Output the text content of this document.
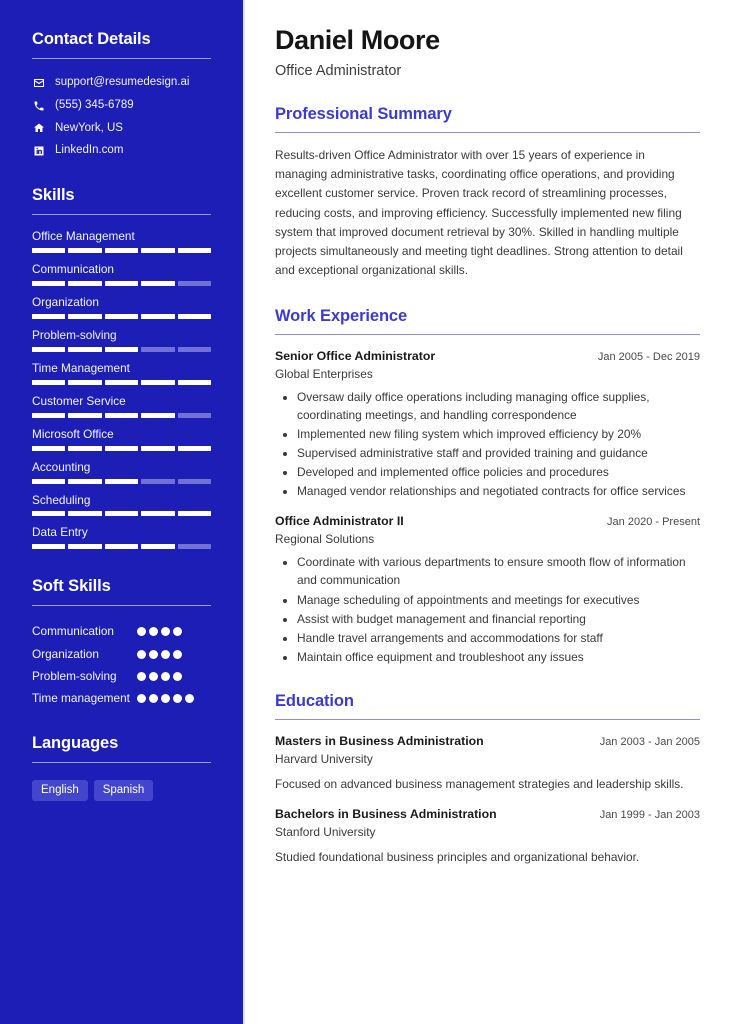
Contact Details
support@resumedesign.ai
(555) 345-6789
NewYork, US
LinkedIn.com
Skills
Office Management
Communication
Organization
Problem-solving
Time Management
Customer Service
Microsoft Office
Accounting
Scheduling
Data Entry
Soft Skills
Communication
Organization
Problem-solving
Time management
Languages
English	Spanish
Daniel Moore
Office Administrator
Professional Summary

Results-driven Office Administrator with over 15 years of experience in managing administrative tasks, coordinating office operations, and providing excellent customer service. Proven track record of streamlining processes, reducing costs, and improving efficiency. Successfully implemented new filing system that improved document retrieval by 30%. Skilled in handling multiple projects simultaneously and meeting tight deadlines. Strong attention to detail and exceptional organizational skills.

Work Experience
Senior Office Administrator	Jan 2005 - Dec 2019
Global Enterprises
• Oversaw daily office operations including managing office supplies, coordinating meetings, and handling correspondence
• Implemented new filing system which improved efficiency by 20%
• Supervised administrative staff and provided training and guidance
• Developed and implemented office policies and procedures
• Managed vendor relationships and negotiated contracts for office services
Office Administrator II	Jan 2020 - Present
Regional Solutions
• Coordinate with various departments to ensure smooth flow of information and communication
• Manage scheduling of appointments and meetings for executives
• Assist with budget management and financial reporting
• Handle travel arrangements and accommodations for staff
• Maintain office equipment and troubleshoot any issues
Education
Masters in Business Administration	Jan 2003 - Jan 2005
Harvard University

Focused on advanced business management strategies and leadership skills.

Bachelors in Business Administration	Jan 1999 - Jan 2003
Stanford University

Studied foundational business principles and organizational behavior.
